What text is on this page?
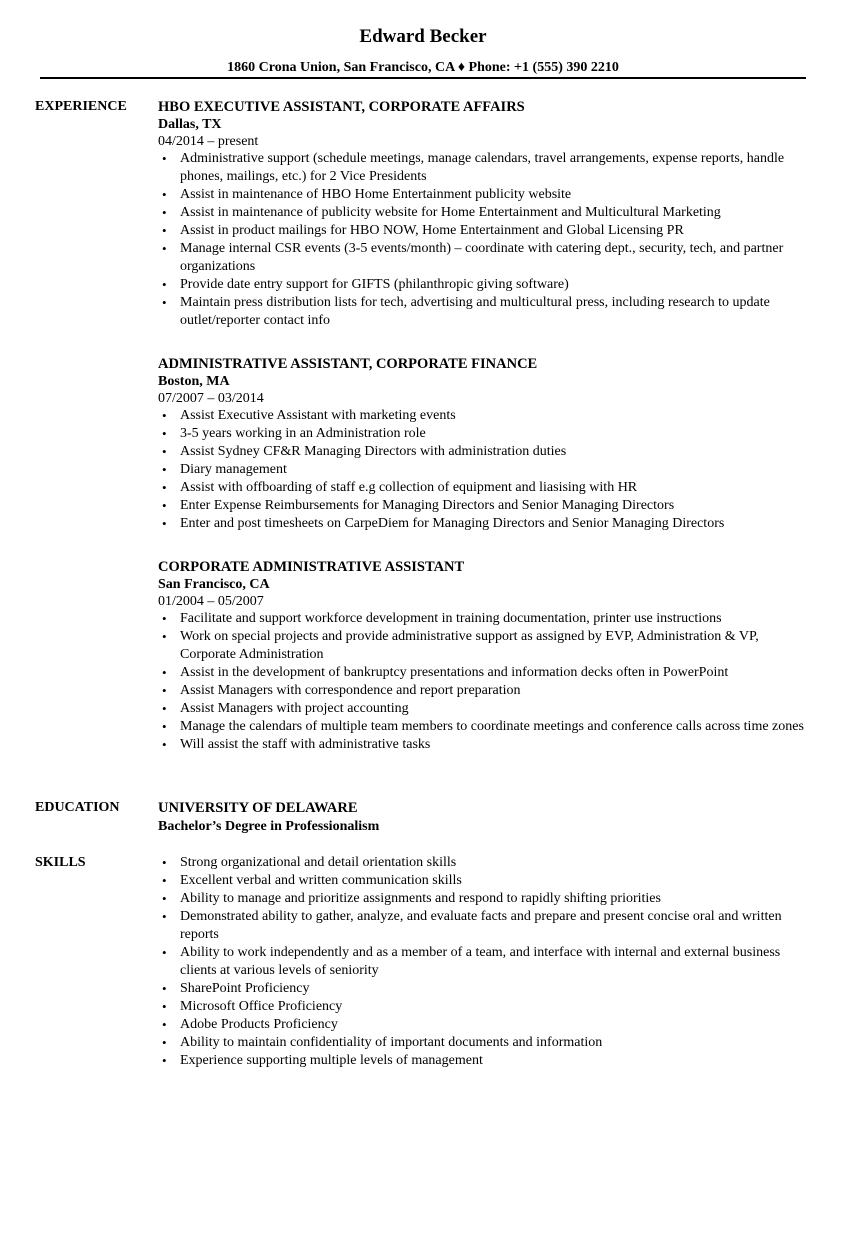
Edward Becker
1860 Crona Union, San Francisco, CA ♦ Phone: +1 (555) 390 2210
EXPERIENCE HBO EXECUTIVE ASSISTANT, CORPORATE AFFAIRS
Dallas, TX
04/2014 – present
• Administrative support (schedule meetings, manage calendars, travel arrangements, expense reports, handle phones, mailings, etc.) for 2 Vice Presidents
• Assist in maintenance of HBO Home Entertainment publicity website
• Assist in maintenance of publicity website for Home Entertainment and Multicultural Marketing
• Assist in product mailings for HBO NOW, Home Entertainment and Global Licensing PR
• Manage internal CSR events (3-5 events/month) – coordinate with catering dept., security, tech, and partner organizations
• Provide date entry support for GIFTS (philanthropic giving software)
• Maintain press distribution lists for tech, advertising and multicultural press, including research to update outlet/reporter contact info
ADMINISTRATIVE ASSISTANT, CORPORATE FINANCE
Boston, MA
07/2007 – 03/2014
• Assist Executive Assistant with marketing events
• 3-5 years working in an Administration role
• Assist Sydney CF&R Managing Directors with administration duties
• Diary management
• Assist with offboarding of staff e.g collection of equipment and liasising with HR
• Enter Expense Reimbursements for Managing Directors and Senior Managing Directors
• Enter and post timesheets on CarpeDiem for Managing Directors and Senior Managing Directors
CORPORATE ADMINISTRATIVE ASSISTANT
San Francisco, CA
01/2004 – 05/2007
• Facilitate and support workforce development in training documentation, printer use instructions
• Work on special projects and provide administrative support as assigned by EVP, Administration & VP, Corporate Administration
• Assist in the development of bankruptcy presentations and information decks often in PowerPoint
• Assist Managers with correspondence and report preparation
• Assist Managers with project accounting
• Manage the calendars of multiple team members to coordinate meetings and conference calls across time zones
• Will assist the staff with administrative tasks
EDUCATION	UNIVERSITY OF DELAWARE
Bachelor’s Degree in Professionalism
SKILLS
•	Strong organizational and detail orientation skills
• Excellent verbal and written communication skills
• Ability to manage and prioritize assignments and respond to rapidly shifting priorities
• Demonstrated ability to gather, analyze, and evaluate facts and prepare and present concise oral and written reports
• Ability to work independently and as a member of a team, and interface with internal and external business clients at various levels of seniority
• SharePoint Proficiency
• Microsoft Office Proficiency
• Adobe Products Proficiency
• Ability to maintain confidentiality of important documents and information
• Experience supporting multiple levels of management
